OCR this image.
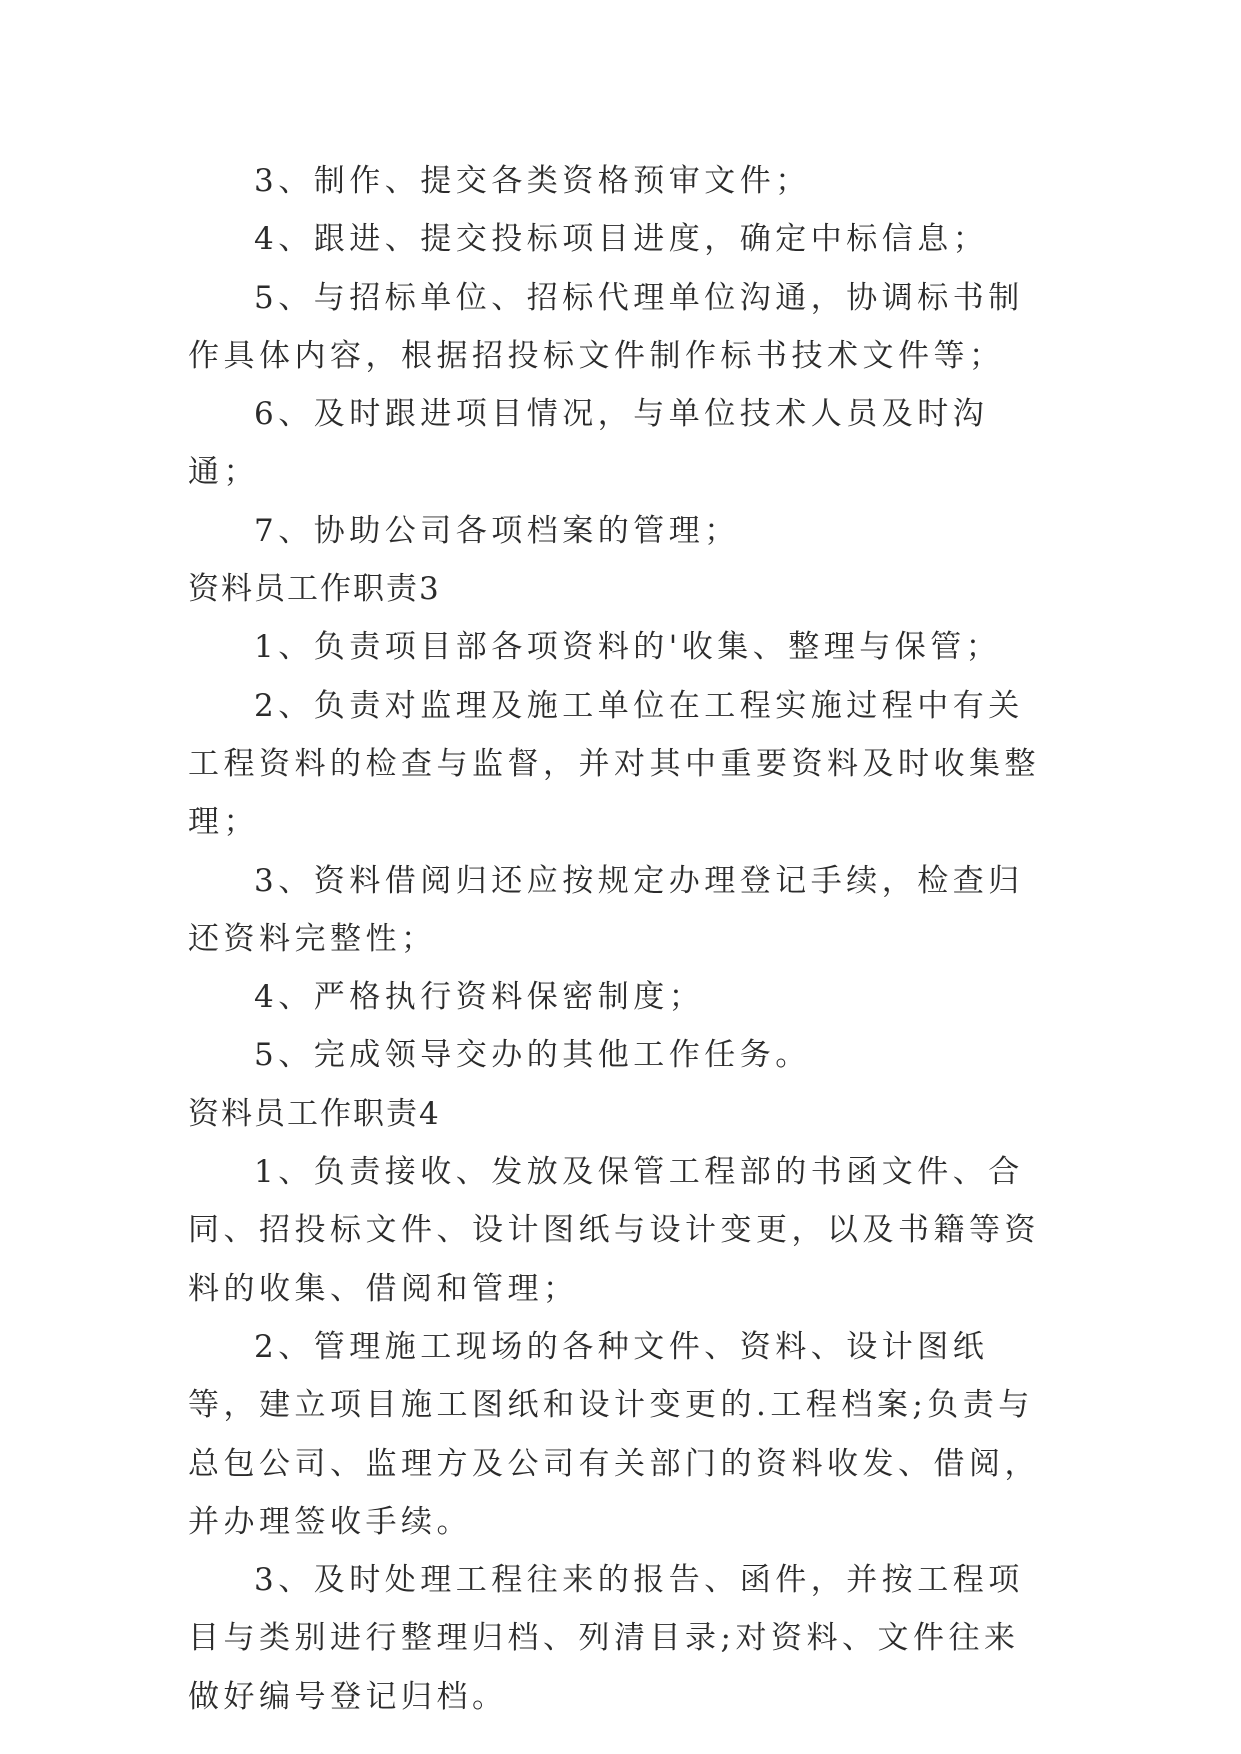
3、制作、提交各类资格预审文件；

4、跟进、提交投标项目进度，确定中标信息；

5、与招标单位、招标代理单位沟通，协调标书制作具体内容，根据招投标文件制作标书技术文件等；

6、及时跟进项目情况，与单位技术人员及时沟通；

7、协助公司各项档案的管理；

资料员工作职责3

1、负责项目部各项资料的'收集、整理与保管；

2、负责对监理及施工单位在工程实施过程中有关工程资料的检查与监督，并对其中重要资料及时收集整理；

3、资料借阅归还应按规定办理登记手续，检查归还资料完整性；

4、严格执行资料保密制度；

5、完成领导交办的其他工作任务。

资料员工作职责4

1、负责接收、发放及保管工程部的书函文件、合同、招投标文件、设计图纸与设计变更，以及书籍等资料的收集、借阅和管理；

2、管理施工现场的各种文件、资料、设计图纸等，建立项目施工图纸和设计变更的.工程档案;负责与总包公司、监理方及公司有关部门的资料收发、借阅，并办理签收手续。

3、及时处理工程往来的报告、函件，并按工程项目与类别进行整理归档、列清目录;对资料、文件往来做好编号登记归档。
